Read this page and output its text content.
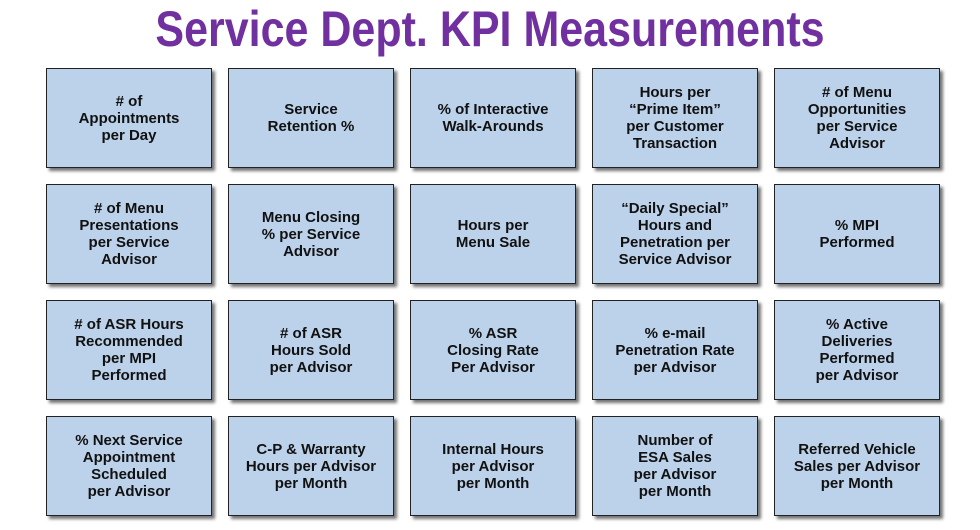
Service Dept. KPI Measurements
# of
Appointments
per Day
Service
Retention %
% of Interactive
Walk-Arounds
Hours per
“Prime Item”
per Customer
Transaction
# of Menu
Opportunities
per Service
Advisor
# of Menu
Presentations
per Service
Advisor
Menu Closing
% per Service
Advisor
Hours per
Menu Sale
“Daily Special”
Hours and
Penetration per
Service Advisor
% MPI
Performed
# of ASR Hours
Recommended
per MPI
Performed
# of ASR
Hours Sold
per Advisor
% ASR
Closing Rate
Per Advisor
% e-mail
Penetration Rate
per Advisor
% Active
Deliveries
Performed
per Advisor
% Next Service
Appointment
Scheduled
per Advisor
C-P & Warranty
Hours per Advisor
per Month
Internal Hours
per Advisor
per Month
Number of
ESA Sales
per Advisor
per Month
Referred Vehicle
Sales per Advisor
per Month
